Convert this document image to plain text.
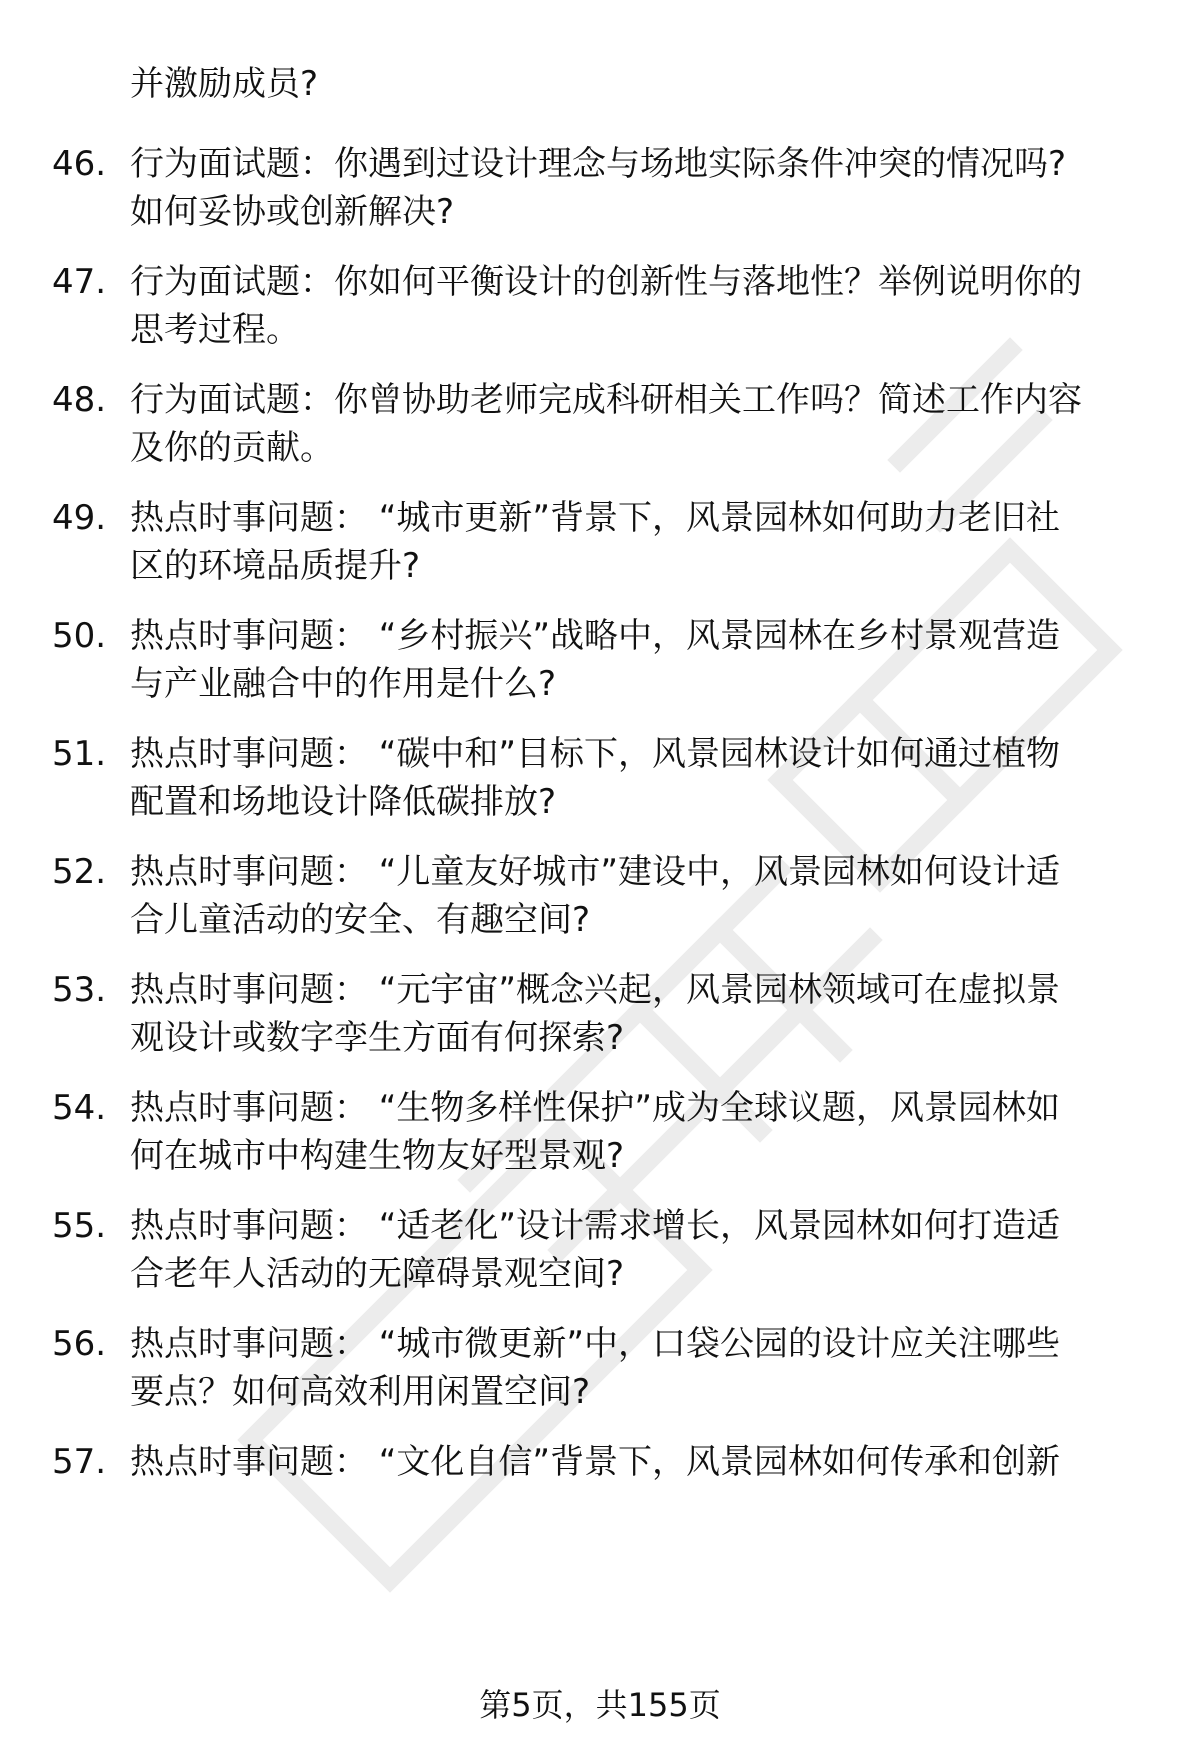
并激励成员?
46. 行为面试题：你遇到过设计理念与场地实际条件冲突的情况吗?
如何妥协或创新解决?
47. 行为面试题：你如何平衡设计的创新性与落地性？举例说明你的
思考过程。
48. 行为面试题：你曾协助老师完成科研相关工作吗？简述工作内容
及你的贡献。
49. 热点时事问题： “城市更新”背景下，风景园林如何助力老旧社
区的环境品质提升?
50. 热点时事问题： “乡村振兴”战略中，风景园林在乡村景观营造
与产业融合中的作用是什么?
51. 热点时事问题： “碳中和”目标下，风景园林设计如何通过植物
配置和场地设计降低碳排放?
52. 热点时事问题： “儿童友好城市”建设中，风景园林如何设计适
合儿童活动的安全、有趣空间?
53. 热点时事问题： “元宇宙”概念兴起，风景园林领域可在虚拟景
观设计或数字孪生方面有何探索?
54. 热点时事问题： “生物多样性保护”成为全球议题，风景园林如
何在城市中构建生物友好型景观?
55. 热点时事问题： “适老化”设计需求增长，风景园林如何打造适
合老年人活动的无障碍景观空间?
56. 热点时事问题： “城市微更新”中，口袋公园的设计应关注哪些
要点？如何高效利用闲置空间?
57. 热点时事问题： “文化自信”背景下，风景园林如何传承和创新
第5页，共155页
